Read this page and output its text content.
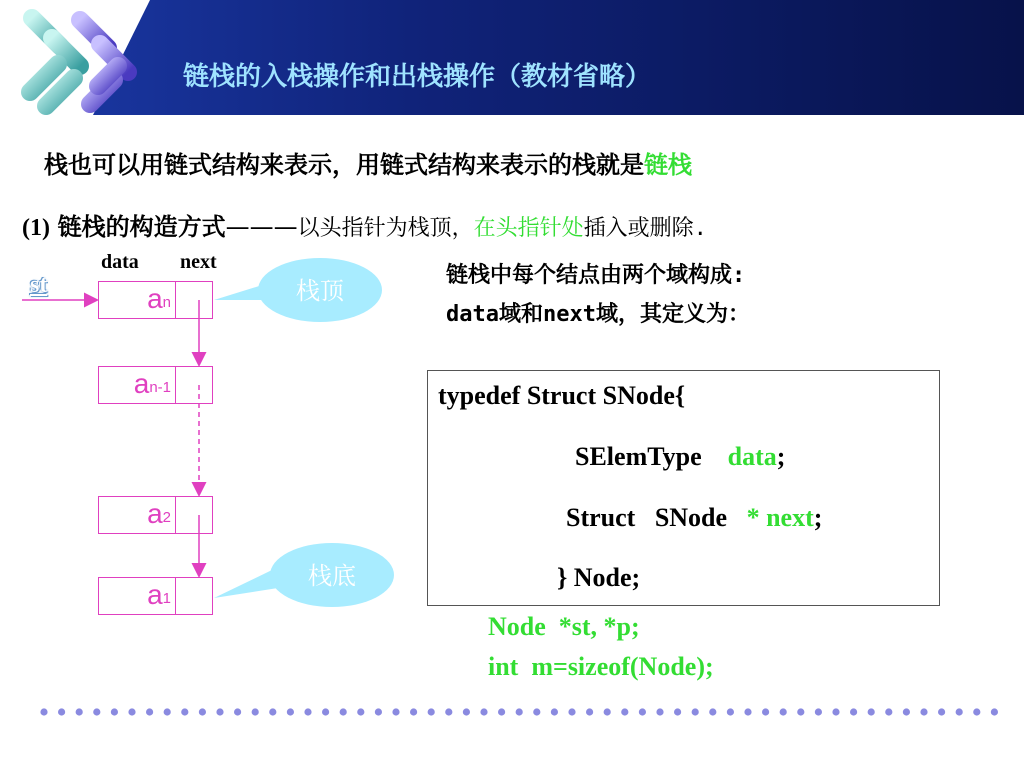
链栈的入栈操作和出栈操作（教材省略）
栈也可以用链式结构来表示，用链式结构来表示的栈就是链栈
(1) 链栈的构造方式———以头指针为栈顶，在头指针处插入或删除.
data next
st	栈顶
栈底
$a_n$
$a_{n-1}$
$a_2$
$a_1$
链栈中每个结点由两个域构成:
data域和next域，其定义为：
typedef Struct SNode{
SElemType data;
Struct   SNode * next;
} Node;
Node  *st, *p;
int  m=sizeof(Node);
